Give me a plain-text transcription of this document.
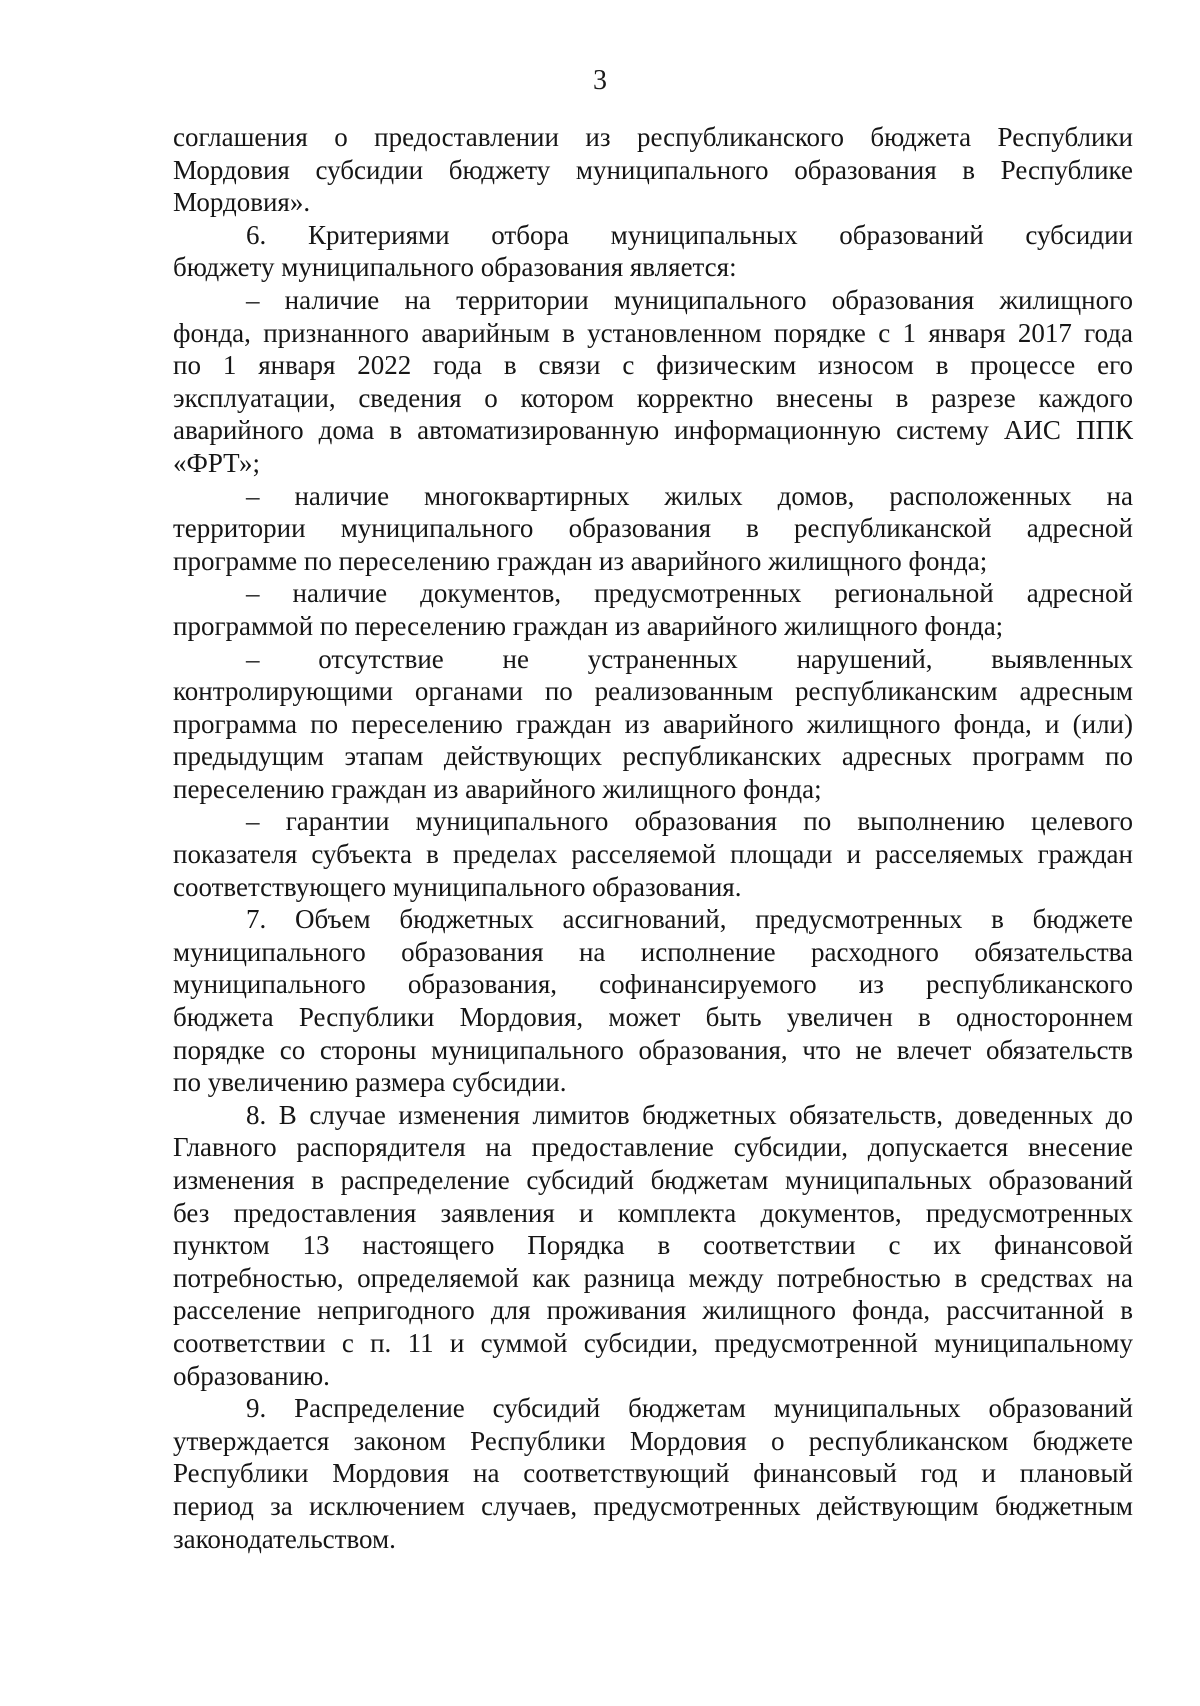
3
соглашения о предоставлении из республиканского бюджета Республики
Мордовия субсидии бюджету муниципального образования в Республике
Мордовия».
6. Критериями отбора муниципальных образований субсидии
бюджету муниципального образования является:
– наличие на территории муниципального образования жилищного
фонда, признанного аварийным в установленном порядке с 1 января 2017 года
по 1 января 2022 года в связи с физическим износом в процессе его
эксплуатации, сведения о котором корректно внесены в разрезе каждого
аварийного дома в автоматизированную информационную систему АИС ППК
«ФРТ»;
– наличие многоквартирных жилых домов, расположенных на
территории муниципального образования в республиканской адресной
программе по переселению граждан из аварийного жилищного фонда;
– наличие документов, предусмотренных региональной адресной
программой по переселению граждан из аварийного жилищного фонда;
– отсутствие не устраненных нарушений, выявленных
контролирующими органами по реализованным республиканским адресным
программа по переселению граждан из аварийного жилищного фонда, и (или)
предыдущим этапам действующих республиканских адресных программ по
переселению граждан из аварийного жилищного фонда;
– гарантии муниципального образования по выполнению целевого
показателя субъекта в пределах расселяемой площади и расселяемых граждан
соответствующего муниципального образования.
7. Объем бюджетных ассигнований, предусмотренных в бюджете
муниципального образования на исполнение расходного обязательства
муниципального образования, софинансируемого из республиканского
бюджета Республики Мордовия, может быть увеличен в одностороннем
порядке со стороны муниципального образования, что не влечет обязательств
по увеличению размера субсидии.
8. В случае изменения лимитов бюджетных обязательств, доведенных до
Главного распорядителя на предоставление субсидии, допускается внесение
изменения в распределение субсидий бюджетам муниципальных образований
без предоставления заявления и комплекта документов, предусмотренных
пунктом 13 настоящего Порядка в соответствии с их финансовой
потребностью, определяемой как разница между потребностью в средствах на
расселение непригодного для проживания жилищного фонда, рассчитанной в
соответствии с п. 11 и суммой субсидии, предусмотренной муниципальному
образованию.
9. Распределение субсидий бюджетам муниципальных образований
утверждается законом Республики Мордовия о республиканском бюджете
Республики Мордовия на соответствующий финансовый год и плановый
период за исключением случаев, предусмотренных действующим бюджетным
законодательством.
